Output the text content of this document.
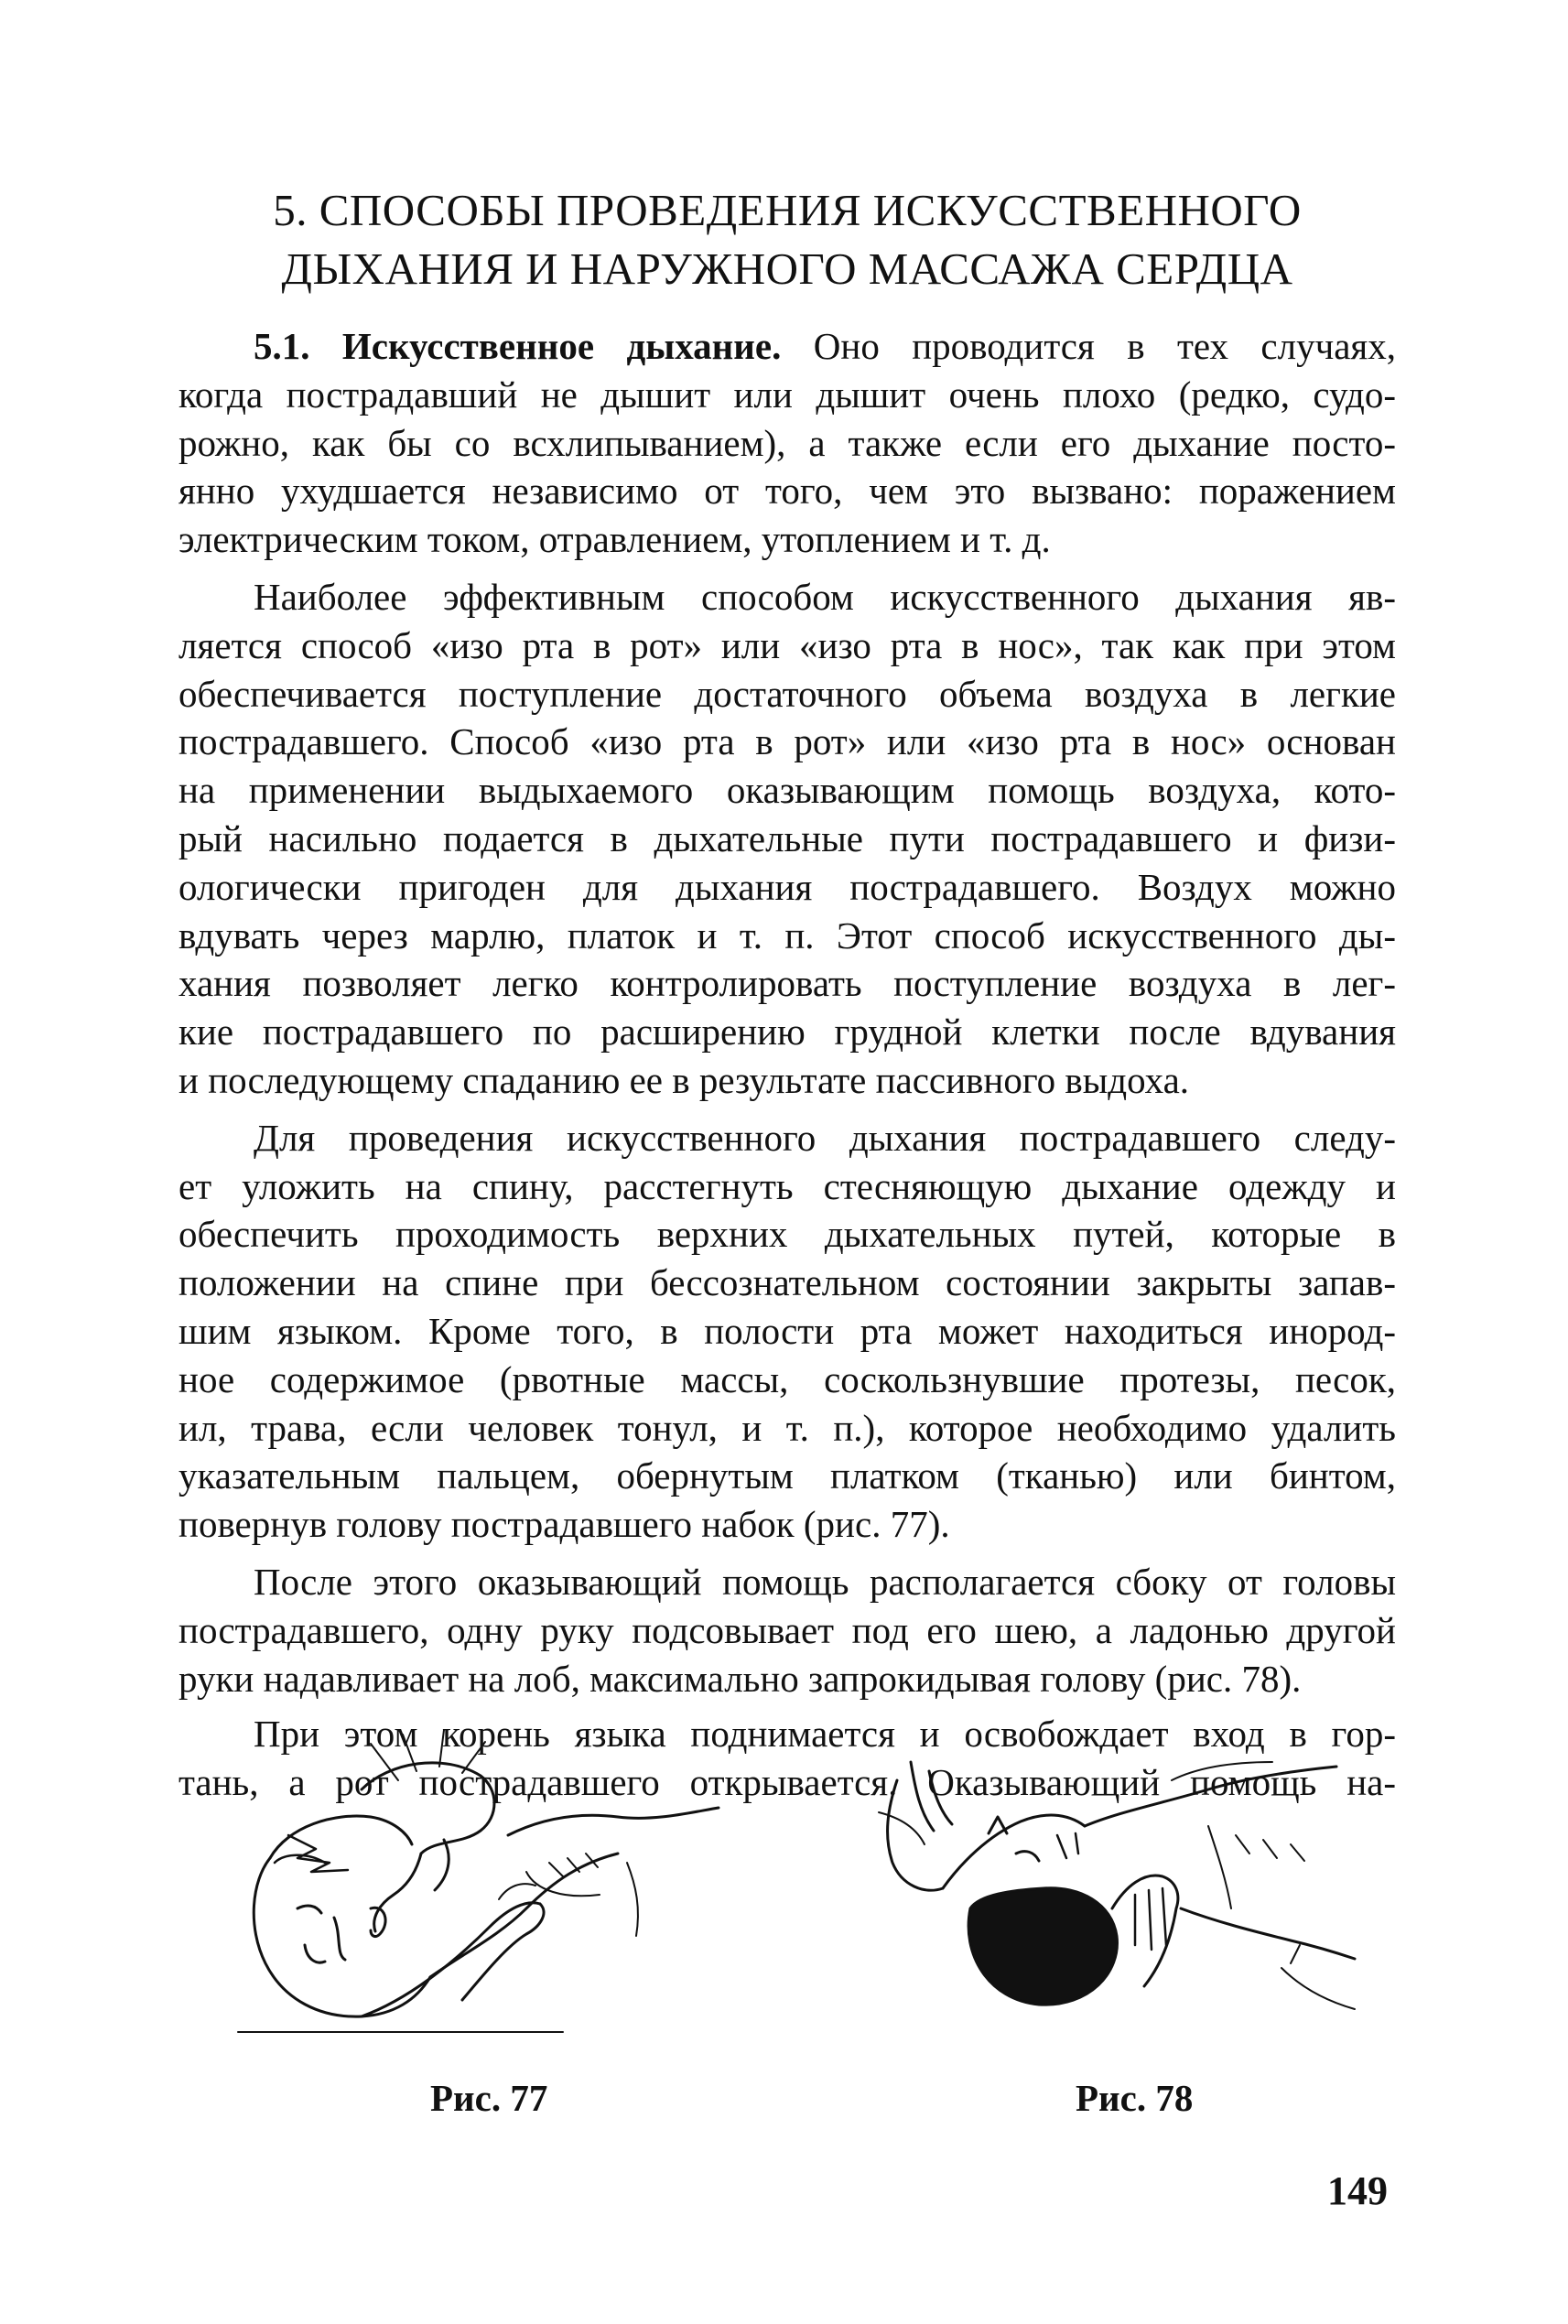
5. СПОСОБЫ ПРОВЕДЕНИЯ ИСКУССТВЕННОГО
ДЫХАНИЯ И НАРУЖНОГО МАССАЖА СЕРДЦА
5.1. Искусственное дыхание. Оно проводится в тех случаях,
когда пострадавший не дышит или дышит очень плохо (редко, судо-
рожно, как бы со всхлипыванием), а также если его дыхание посто-
янно ухудшается независимо от того, чем это вызвано: поражением
электрическим током, отравлением, утоплением и т. д.
Наиболее эффективным способом искусственного дыхания яв-
ляется способ «изо рта в рот» или «изо рта в нос», так как при этом
обеспечивается поступление достаточного объема воздуха в легкие
пострадавшего. Способ «изо рта в рот» или «изо рта в нос» основан
на применении выдыхаемого оказывающим помощь воздуха, кото-
рый насильно подается в дыхательные пути пострадавшего и физи-
ологически пригоден для дыхания пострадавшего. Воздух можно
вдувать через марлю, платок и т. п. Этот способ искусственного ды-
хания позволяет легко контролировать поступление воздуха в лег-
кие пострадавшего по расширению грудной клетки после вдувания
и последующему спаданию ее в результате пассивного выдоха.
Для проведения искусственного дыхания пострадавшего следу-
ет уложить на спину, расстегнуть стесняющую дыхание одежду и
обеспечить проходимость верхних дыхательных путей, которые в
положении на спине при бессознательном состоянии закрыты запав-
шим языком. Кроме того, в полости рта может находиться инород-
ное содержимое (рвотные массы, соскользнувшие протезы, песок,
ил, трава, если человек тонул, и т. п.), которое необходимо удалить
указательным пальцем, обернутым платком (тканью) или бинтом,
повернув голову пострадавшего набок (рис. 77).
После этого оказывающий помощь располагается сбоку от головы
пострадавшего, одну руку подсовывает под его шею, а ладонью другой
руки надавливает на лоб, максимально запрокидывая голову (рис. 78).
При этом корень языка поднимается и освобождает вход в гор-
тань, а рот пострадавшего открывается. Оказывающий помощь на-
Рис. 77	Рис. 78
149
